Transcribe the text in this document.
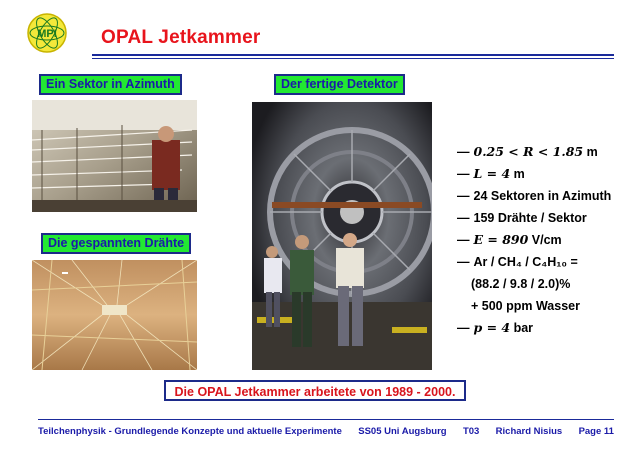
MPI OPAL Jetkammer
Ein Sektor in Azimuth	Der fertige Detektor
Die gespannten Drähte
— 0.25 < R < 1.85 m
— L = 4 m
— 24 Sektoren in Azimuth
— 159 Drähte / Sektor
— E = 890 V/cm
— Ar / CH₄ / C₄H₁₀ =
(88.2 / 9.8 / 2.0)%
+ 500 ppm Wasser
— p = 4 bar
Die OPAL Jetkammer arbeitete von 1989 - 2000.
Teilchenphysik - Grundlegende Konzepte und aktuelle Experimente SS05 Uni Augsburg T03 Richard Nisius Page 11
